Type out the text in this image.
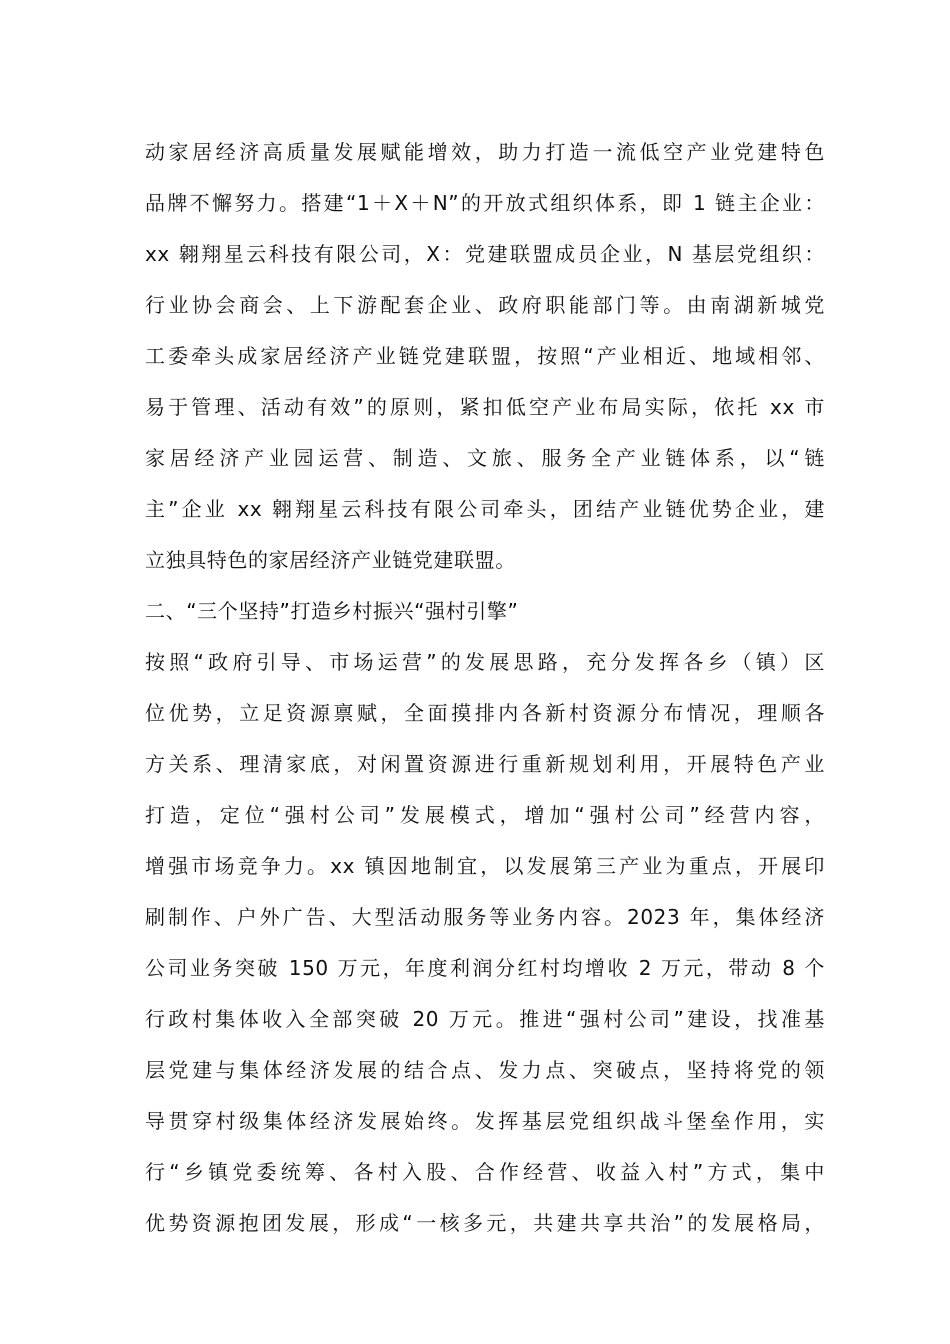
动家居经济高质量发展赋能增效，助力打造一流低空产业党建特色
品牌不懈努力。搭建“1＋X＋N”的开放式组织体系，即 1 链主企业：
xx 翱翔星云科技有限公司，X：党建联盟成员企业，N 基层党组织：
行业协会商会、上下游配套企业、政府职能部门等。由南湖新城党
工委牵头成家居经济产业链党建联盟，按照“产业相近、地域相邻、
易于管理、活动有效”的原则，紧扣低空产业布局实际，依托 xx 市
家居经济产业园运营、制造、文旅、服务全产业链体系，以“链
主”企业 xx 翱翔星云科技有限公司牵头，团结产业链优势企业，建
立独具特色的家居经济产业链党建联盟。
二、“三个坚持”打造乡村振兴“强村引擎”
按照“政府引导、市场运营”的发展思路，充分发挥各乡（镇）区
位优势，立足资源禀赋，全面摸排内各新村资源分布情况，理顺各
方关系、理清家底，对闲置资源进行重新规划利用，开展特色产业
打造，定位“强村公司”发展模式，增加“强村公司”经营内容，
增强市场竞争力。xx 镇因地制宜，以发展第三产业为重点，开展印
刷制作、户外广告、大型活动服务等业务内容。2023 年，集体经济
公司业务突破 150 万元，年度利润分红村均增收 2 万元，带动 8 个
行政村集体收入全部突破 20 万元。推进“强村公司”建设，找准基
层党建与集体经济发展的结合点、发力点、突破点，坚持将党的领
导贯穿村级集体经济发展始终。发挥基层党组织战斗堡垒作用，实
行“乡镇党委统筹、各村入股、合作经营、收益入村”方式，集中
优势资源抱团发展，形成“一核多元，共建共享共治”的发展格局，
